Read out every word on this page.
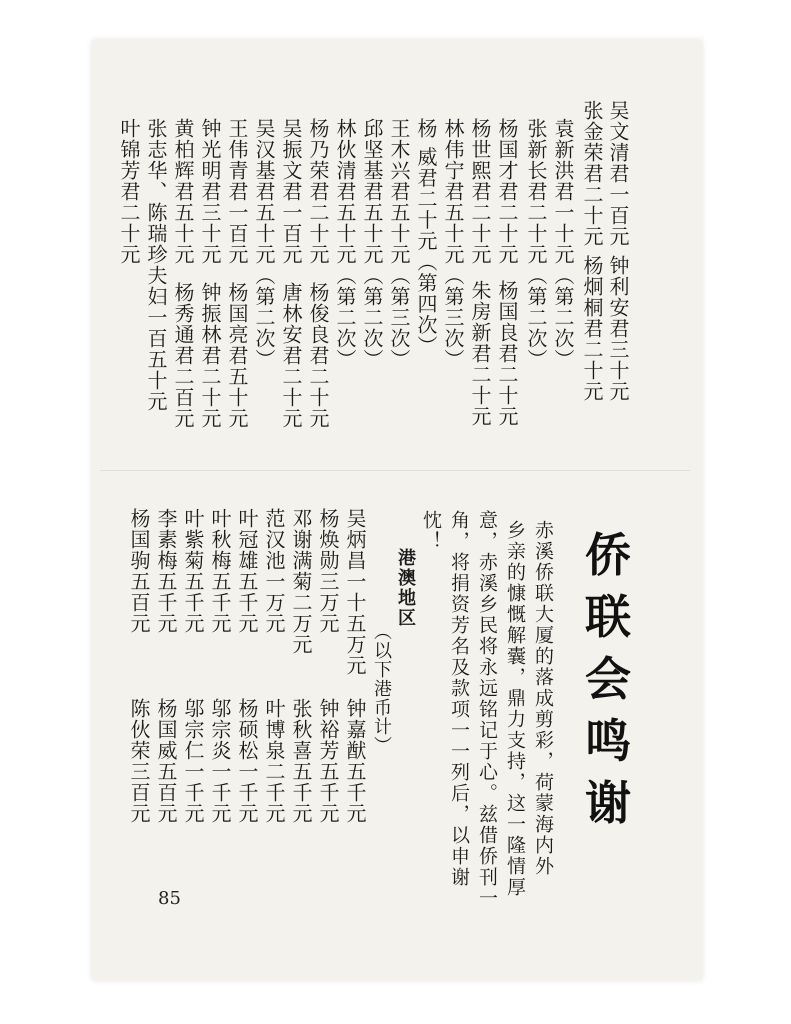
吴文清君一百元
钟利安君三十元
张金荣君二十元
杨炯桐君二十元
袁新洪君一十元（第二次）
张新长君二十元（第二次）
杨国才君二十元
杨国良君二十元
杨世熙君二十元
林伟宁君五十元（第三次） 朱房新君二十元
杨 威君二十元（第四次）
王木兴君五十元（第三次）
邱坚基君五十元（第二次）
林伙清君五十元（第二次）
杨乃荣君二十元
杨俊良君二十元
吴振文君一百元
唐林安君二十元
吴汉基君五十元（第二次）
王伟青君一百元
杨国亮君五十元
钟光明君三十元
钟振林君二十元
黄柏辉君五十元
杨秀通君二百元
张志华、陈瑞珍夫妇一百五十元
叶锦芳君二十元
侨
联
会
鸣
谢
赤溪侨联大厦的落成剪彩，荷蒙海内外
乡亲的慷慨解囊，鼎力支持，这一隆情厚
意，赤溪乡民将永远铭记于心。兹借侨刊一
角，将捐资芳名及款项一一列后，以申谢
忱！
港澳地区
（以下港币计）
吴炳昌一十五万元
钟嘉猷五千元
杨焕勋三万元
钟裕芳五千元
邓谢满菊二万元
张秋喜五千元
范汉池一万元
叶博泉二千元
叶冠雄五千元
杨硕松一千元
叶秋梅五千元
邬宗炎一千元
叶紫菊五千元
邬宗仁一千元
李素梅五千元
杨国威五百元
杨国驹五百元
陈伙荣三百元
85
